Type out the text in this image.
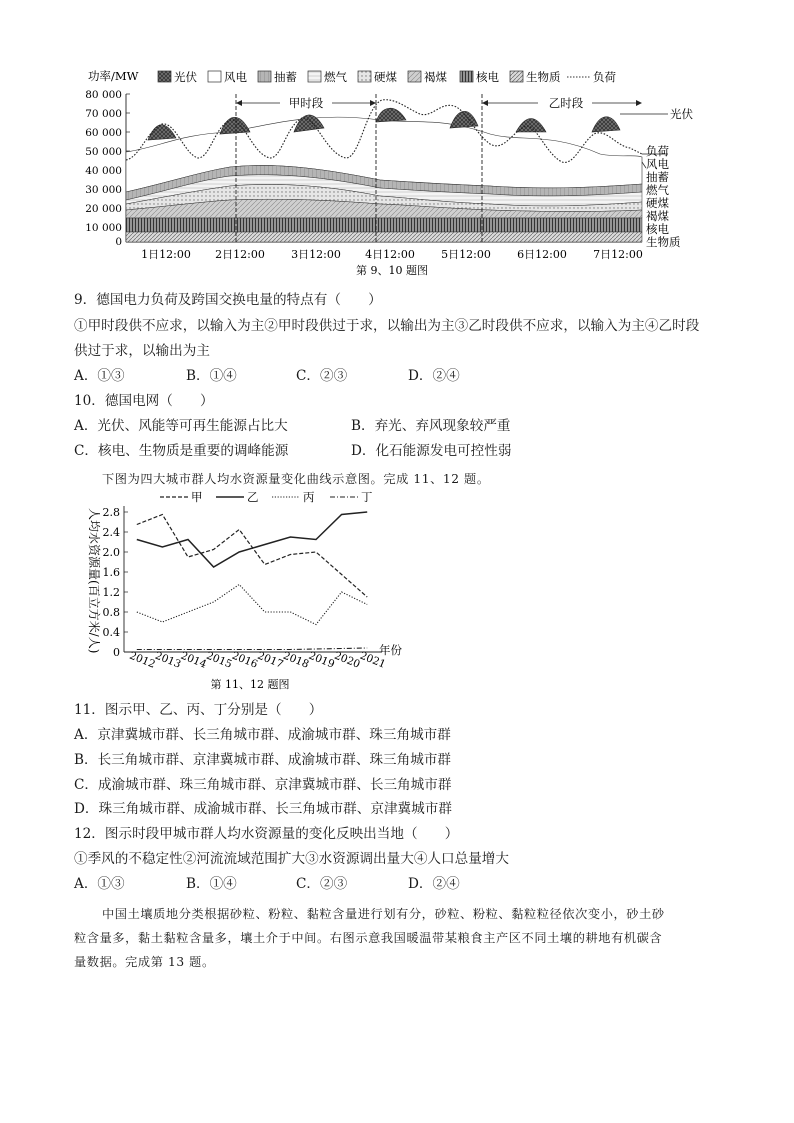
功率/MW	光伏 风电 抽蓄 燃气 硬煤 褐煤	核电 生物质	负荷
80 000
70 000
60 000
50 000
40 000
30 000
20 000
10 000
0
甲时段	乙时段
光伏
负荷
风电
抽蓄
燃气
硬煤
褐煤
核电
生物质
1日12:00 2日12:00 3日12:00 4日12:00 5日12:00 6日12:00 7日12:00
第 9、10 题图
9．德国电力负荷及跨国交换电量的特点有（　　）
①甲时段供不应求，以输入为主②甲时段供过于求，以输出为主③乙时段供不应求，以输入为主④乙时段
供过于求，以输出为主
A．①③	B．①④	C．②③	D．②④
10．德国电网（　　）
A．光伏、风能等可再生能源占比大	B．弃光、弃风现象较严重
C．核电、生物质是重要的调峰能源	D．化石能源发电可控性弱
下图为四大城市群人均水资源量变化曲线示意图。完成 11、12 题。
年份
人均水资源量(百立方米/人)
甲	乙	丙	丁
0
0.4
0.8
1.2
1.6
2.0
2.4
2.8
2012
2013
2014
2015
2016
2017
2018
2019
2020
2021
第 11、12 题图
11．图示甲、乙、丙、丁分别是（　　）
A．京津冀城市群、长三角城市群、成渝城市群、珠三角城市群
B．长三角城市群、京津冀城市群、成渝城市群、珠三角城市群
C．成渝城市群、珠三角城市群、京津冀城市群、长三角城市群
D．珠三角城市群、成渝城市群、长三角城市群、京津冀城市群
12．图示时段甲城市群人均水资源量的变化反映出当地（　　）
①季风的不稳定性②河流流域范围扩大③水资源调出量大④人口总量增大
A．①③	B．①④	C．②③	D．②④
中国土壤质地分类根据砂粒、粉粒、黏粒含量进行划有分，砂粒、粉粒、黏粒粒径依次变小，砂土砂
粒含量多，黏土黏粒含量多，壤土介于中间。右图示意我国暖温带某粮食主产区不同土壤的耕地有机碳含
量数据。完成第 13 题。
